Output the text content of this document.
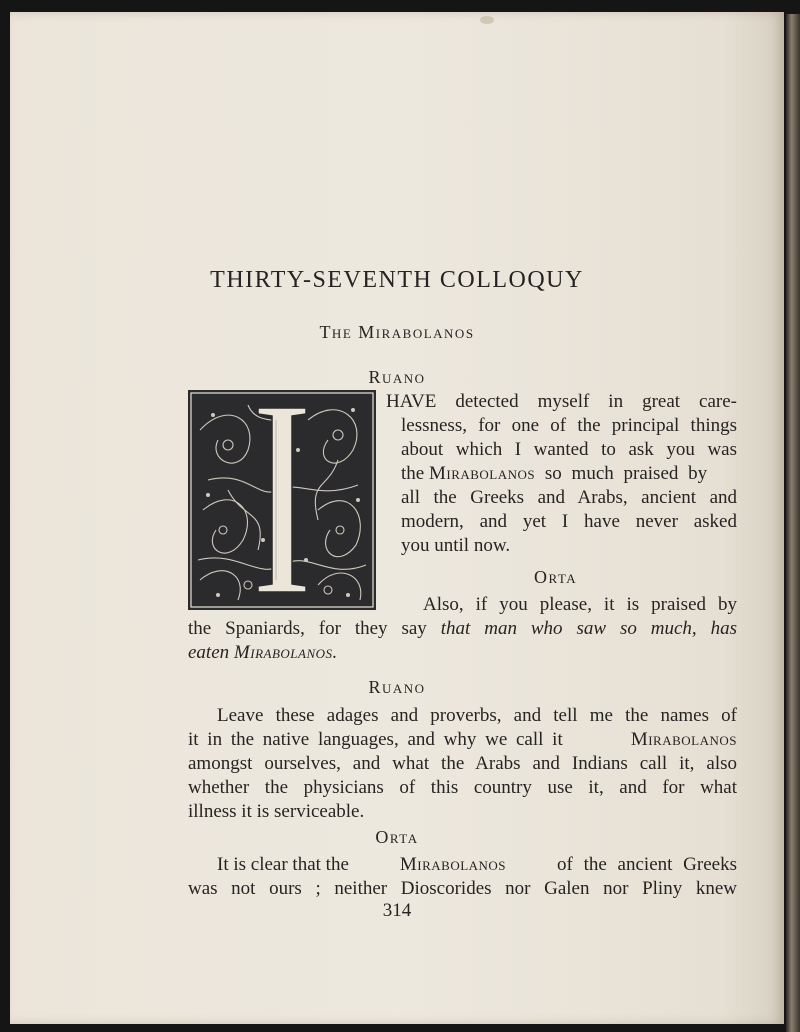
THIRTY-SEVENTH COLLOQUY
The Mirabolanos
Ruano
HAVE detected myself in great care-
lessness, for one of the principal things
about which I wanted to ask you was
the Mirabolanos so much praised by
all the Greeks and Arabs, ancient and
modern, and yet I have never asked
you until now.
Orta
Also, if you please, it is praised by
the Spaniards, for they say that man who saw so much, has
eaten Mirabolanos.
Ruano
Leave these adages and proverbs, and tell me the names of
it in the native languages, and why we call it	Mirabolanos
amongst ourselves, and what the Arabs and Indians call it, also
whether the physicians of this country use it, and for what
illness it is serviceable.
Orta
It is clear that the	Mirabolanos	of the ancient Greeks
was not ours ; neither Dioscorides nor Galen nor Pliny knew
314
